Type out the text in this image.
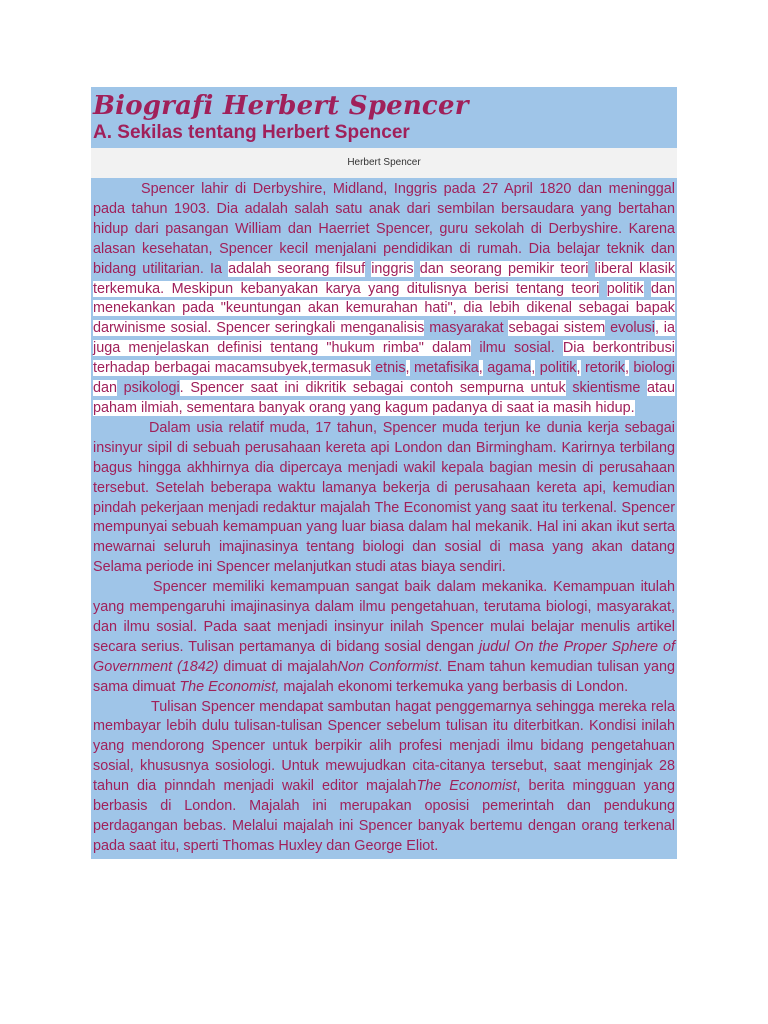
Biografi Herbert Spencer
A. Sekilas tentang Herbert Spencer
Herbert Spencer

Spencer lahir di Derbyshire, Midland, Inggris pada 27 April 1820 dan meninggal pada tahun 1903. Dia adalah salah satu anak dari sembilan bersaudara yang bertahan hidup dari pasangan William dan Haerriet Spencer, guru sekolah di Derbyshire. Karena alasan kesehatan, Spencer kecil menjalani pendidikan di rumah. Dia belajar teknik dan bidang utilitarian. Ia adalah seorang filsuf inggris dan seorang pemikir teori liberal klasik terkemuka. Meskipun kebanyakan karya yang ditulisnya berisi tentang teori politik dan menekankan pada "keuntungan akan kemurahan hati", dia lebih dikenal sebagai bapak darwinisme sosial. Spencer seringkali menganalisis masyarakat sebagai sistem evolusi, ia juga menjelaskan definisi tentang "hukum rimba" dalam ilmu sosial. Dia berkontribusi terhadap berbagai macamsubyek,termasuk etnis, metafisika, agama, politik, retorik, biologi dan psikologi. Spencer saat ini dikritik sebagai contoh sempurna untuk skientisme atau paham ilmiah, sementara banyak orang yang kagum padanya di saat ia masih hidup.

Dalam usia relatif muda, 17 tahun, Spencer muda terjun ke dunia kerja sebagai insinyur sipil di sebuah perusahaan kereta api London dan Birmingham. Karirnya terbilang bagus hingga akhhirnya dia dipercaya menjadi wakil kepala bagian mesin di perusahaan tersebut. Setelah beberapa waktu lamanya bekerja di perusahaan kereta api, kemudian pindah pekerjaan menjadi redaktur majalah The Economist yang saat itu terkenal. Spencer mempunyai sebuah kemampuan yang luar biasa dalam hal mekanik. Hal ini akan ikut serta mewarnai seluruh imajinasinya tentang biologi dan sosial di masa yang akan datang Selama periode ini Spencer melanjutkan studi atas biaya sendiri.

Spencer memiliki kemampuan sangat baik dalam mekanika. Kemampuan itulah yang mempengaruhi imajinasinya dalam ilmu pengetahuan, terutama biologi, masyarakat, dan ilmu sosial. Pada saat menjadi insinyur inilah Spencer mulai belajar menulis artikel secara serius. Tulisan pertamanya di bidang sosial dengan judul On the Proper Sphere of Government (1842) dimuat di majalahNon Conformist. Enam tahun kemudian tulisan yang sama dimuat The Economist, majalah ekonomi terkemuka yang berbasis di London.

Tulisan Spencer mendapat sambutan hagat penggemarnya sehingga mereka rela membayar lebih dulu tulisan-tulisan Spencer sebelum tulisan itu diterbitkan. Kondisi inilah yang mendorong Spencer untuk berpikir alih profesi menjadi ilmu bidang pengetahuan sosial, khususnya sosiologi. Untuk mewujudkan cita-citanya tersebut, saat menginjak 28 tahun dia pinndah menjadi wakil editor majalahThe Economist, berita mingguan yang berbasis di London. Majalah ini merupakan oposisi pemerintah dan pendukung perdagangan bebas. Melalui majalah ini Spencer banyak bertemu dengan orang terkenal pada saat itu, sperti Thomas Huxley dan George Eliot.
